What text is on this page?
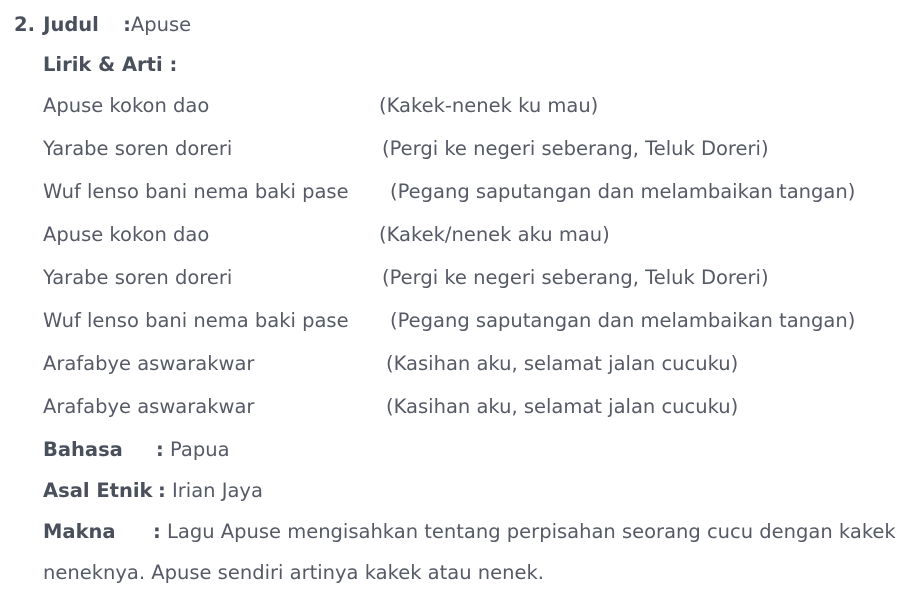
2. Judul :Apuse
Lirik & Arti :
Apuse kokon dao	(Kakek-nenek ku mau)
Yarabe soren doreri	(Pergi ke negeri seberang, Teluk Doreri)
Wuf lenso bani nema baki pase (Pegang saputangan dan melambaikan tangan)
Apuse kokon dao	(Kakek/nenek aku mau)
Yarabe soren doreri	(Pergi ke negeri seberang, Teluk Doreri)
Wuf lenso bani nema baki pase (Pegang saputangan dan melambaikan tangan)
Arafabye aswarakwar	(Kasihan aku, selamat jalan cucuku)
Arafabye aswarakwar	(Kasihan aku, selamat jalan cucuku)
Bahasa : Papua
Asal Etnik : Irian Jaya
Makna : Lagu Apuse mengisahkan tentang perpisahan seorang cucu dengan kakek
neneknya. Apuse sendiri artinya kakek atau nenek.
